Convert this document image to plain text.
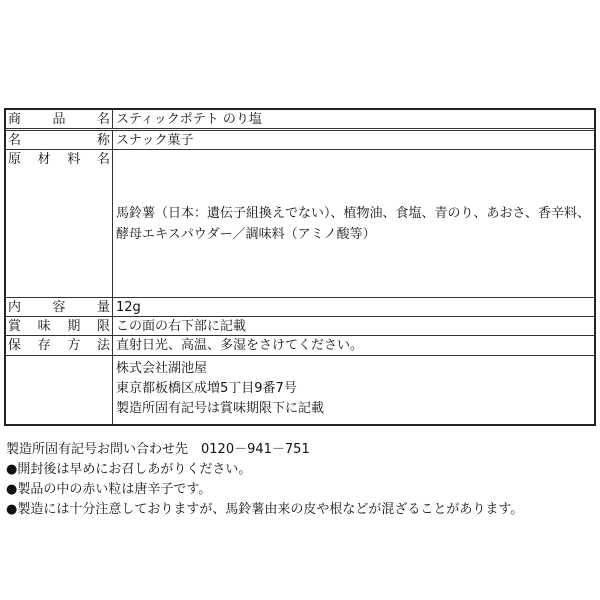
商 品 名 スティックポテト のり塩
名	称 スナック菓子
原 材 料 名
馬鈴薯（日本：遺伝子組換えでない）、植物油、食塩、青のり、あおさ、香辛料、
酵母エキスパウダー／調味料（アミノ酸等）
内 容 量 12g
賞 味 期 限 この面の右下部に記載
保 存 方 法 直射日光、高温、多湿をさけてください。
株式会社湖池屋
東京都板橋区成増5丁目9番7号
製造所固有記号は賞味期限下に記載
製造所固有記号お問い合わせ先　0120－941－751
●開封後は早めにお召しあがりください。
●製品の中の赤い粒は唐辛子です。
●製造には十分注意しておりますが、馬鈴薯由来の皮や根などが混ざることがあります。
